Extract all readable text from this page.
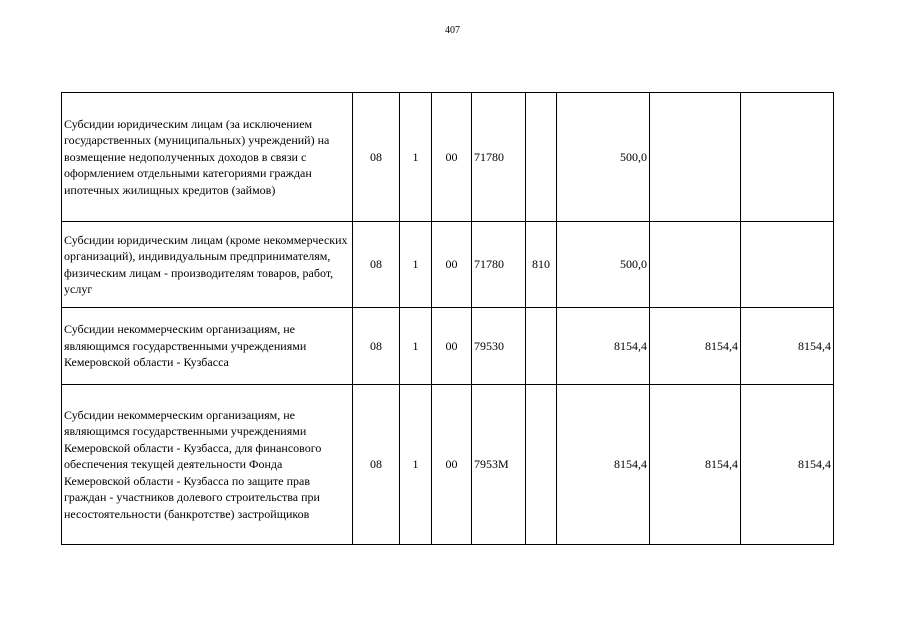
407
Субсидии юридическим лицам (за исключением государственных (муниципальных) учреждений) на возмещение недополученных доходов в связи с оформлением отдельными категориями граждан ипотечных жилищных кредитов (займов)	08	1	00	71780		500,0		
Субсидии юридическим лицам (кроме некоммерческих организаций), индивидуальным предпринимателям, физическим лицам - производителям товаров, работ, услуг	08	1	00	71780	810	500,0		
Субсидии некоммерческим организациям, не являющимся государственными учреждениями Кемеровской области - Кузбасса	08	1	00	79530		8154,4	8154,4	8154,4
Субсидии некоммерческим организациям, не являющимся государственными учреждениями Кемеровской области - Кузбасса, для финансового обеспечения текущей деятельности Фонда Кемеровской области - Кузбасса по защите прав граждан - участников долевого строительства при несостоятельности (банкротстве) застройщиков	08	1	00	7953М		8154,4	8154,4	8154,4
